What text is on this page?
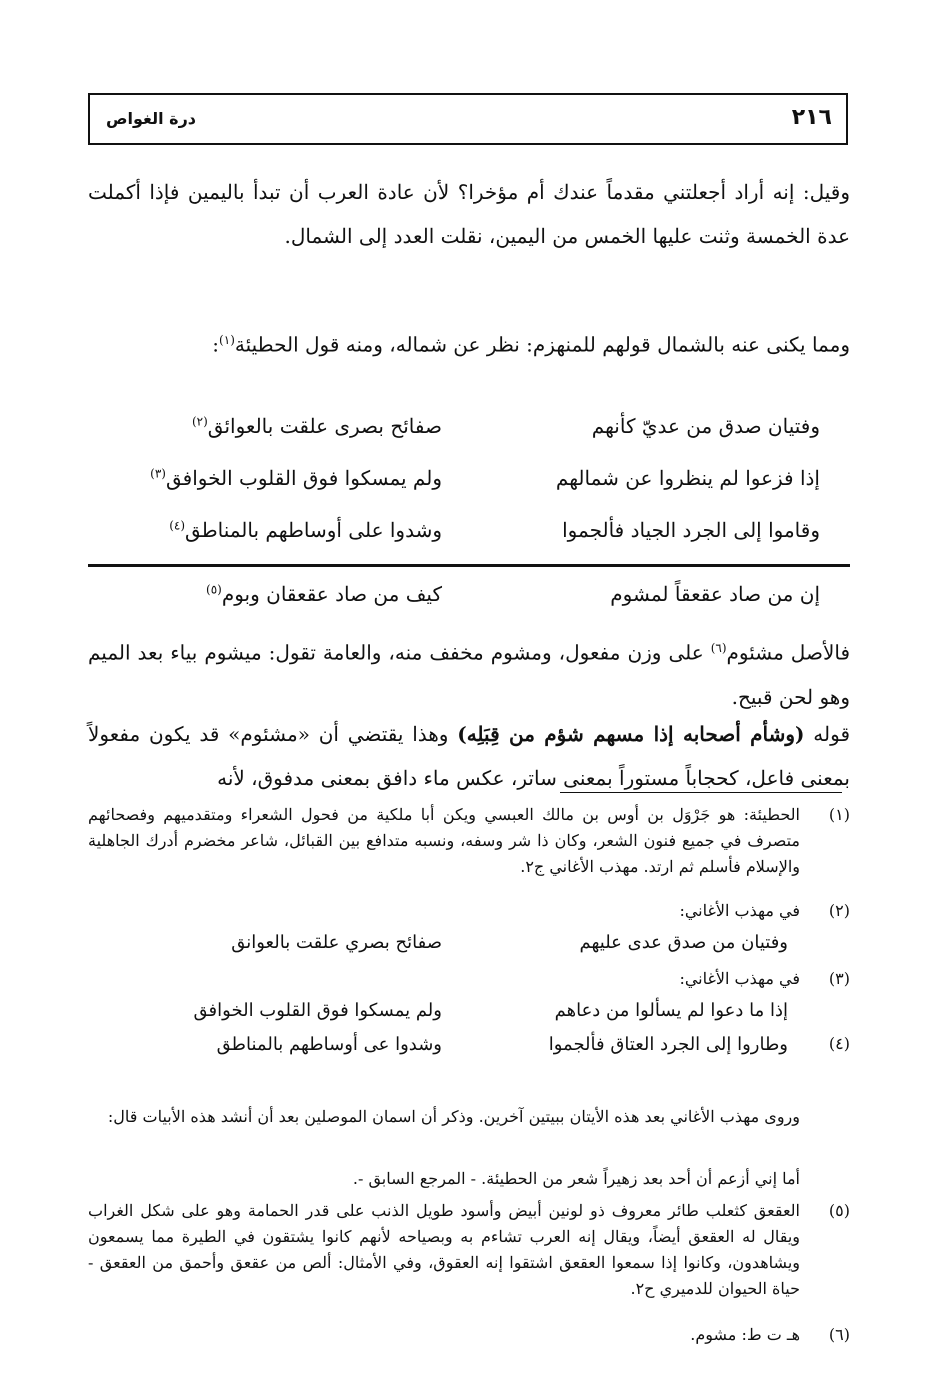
٢١٦
درة الغواص

وقيل: إنه أراد أجعلتني مقدماً عندك أم مؤخرا؟ لأن عادة العرب أن تبدأ باليمين فإذا أكملت عدة الخمسة وثنت عليها الخمس من اليمين، نقلت العدد إلى الشمال.

ومما يكنى عنه بالشمال قولهم للمنهزم: نظر عن شماله، ومنه قول الحطيئة$^{(١)}$:

وفتيان صدق من عديّ كأنهم
صفائح بصرى علقت بالعوائق$^{(٢)}$
إذا فزعوا لم ينظروا عن شمالهم
ولم يمسكوا فوق القلوب الخوافق$^{(٣)}$
وقاموا إلى الجرد الجياد فألجموا
وشدوا على أوساطهم بالمناطق$^{(٤)}$
إن من صاد عقعقاً لمشوم
كيف من صاد عقعقان وبوم$^{(٥)}$

فالأصل مشئوم$^{(٦)}$ على وزن مفعول، ومشوم مخفف منه، والعامة تقول: ميشوم بياء بعد الميم وهو لحن قبيح.

قوله (وشأم أصحابه إذا مسهم شؤم من قِبَلِه) وهذا يقتضي أن «مشئوم» قد يكون مفعولاً بمعنى فاعل، كحجاباً مستوراً بمعنى ساتر، عكس ماء دافق بمعنى مدفوق، لأنه

(١)
الحطيئة: هو جَرْوَل بن أوس بن مالك العبسي ويكن أبا ملكية من فحول الشعراء ومتقدميهم وفصحائهم متصرف في جميع فنون الشعر، وكان ذا شر وسفه، ونسبه متدافع بين القبائل، شاعر مخضرم أدرك الجاهلية والإسلام فأسلم ثم ارتد. مهذب الأغاني ج٢.
(٢)
في مهذب الأغاني:
وفتيان من صدق عدى عليهم
صفائح بصري علقت بالعوانق
(٣)
في مهذب الأغاني:
إذا ما دعوا لم يسألوا من دعاهم
ولم يمسكوا فوق القلوب الخوافق
(٤)
وطاروا إلى الجرد العتاق فألجموا
وشدوا عى أوساطهم بالمناطق

وروى مهذب الأغاني بعد هذه الأيتان ببيتين آخرين. وذكر أن اسمان الموصلين بعد أن أنشد هذه الأبيات قال:

أما إني أزعم أن أحد بعد زهيراً شعر من الحطيئة. - المرجع السابق -.

(٥)
العقعق كثعلب طائر معروف ذو لونين أبيض وأسود طويل الذنب على قدر الحمامة وهو على شكل الغراب ويقال له العقعق أيضاً، ويقال إنه العرب تشاءم به وبصياحه لأنهم كانوا يشتقون في الطيرة مما يسمعون ويشاهدون، وكانوا إذا سمعوا العقعق اشتقوا إنه العقوق، وفي الأمثال: ألص من عقعق وأحمق من العقعق - حياة الحيوان للدميري ح٢.
(٦)
هـ ت ط: مشوم.
